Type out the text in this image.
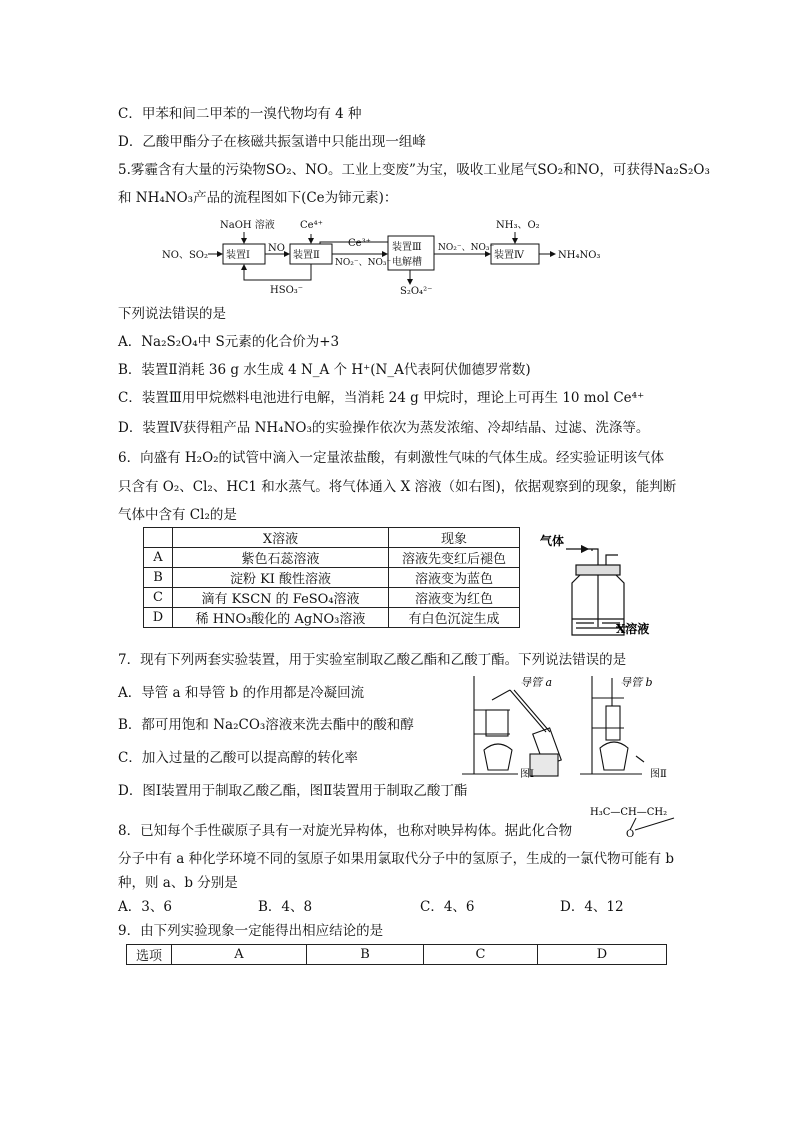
C．甲苯和间二甲苯的一溴代物均有 4 种
D．乙酸甲酯分子在核磁共振氢谱中只能出现一组峰
5.雾霾含有大量的污染物SO₂、NO。工业上变废”为宝，吸收工业尾气SO₂和NO，可获得Na₂S₂O₃
和 NH₄NO₃产品的流程图如下(Ce为铈元素)：
NO、SO₂ 装置Ⅰ	装置Ⅱ
装置Ⅲ
电解槽
装置Ⅳ
NaOH 溶液	Ce⁴⁺
NO	Ce³⁺
NO₂⁻、NO₃⁻
NO₂⁻、NO₃⁻
NH₃、O₂
NH₄NO₃
HSO₃⁻	S₂O₄²⁻
下列说法错误的是
A．Na₂S₂O₄中 S元素的化合价为+3
B．装置Ⅱ消耗 36 g 水生成 4 N_A 个 H⁺(N_A代表阿伏伽德罗常数)
C．装置Ⅲ用甲烷燃料电池进行电解，当消耗 24 g 甲烷时，理论上可再生 10 mol Ce⁴⁺
D．装置Ⅳ获得粗产品 NH₄NO₃的实验操作依次为蒸发浓缩、冷却结晶、过滤、洗涤等。
6．向盛有 H₂O₂的试管中滴入一定量浓盐酸，有刺激性气味的气体生成。经实验证明该气体
只含有 O₂、Cl₂、HC1 和水蒸气。将气体通入 X 溶液（如右图)，依据观察到的现象，能判断
气体中含有 Cl₂的是
	X溶液	现象
A	紫色石蕊溶液	溶液先变红后褪色
B	淀粉 KI 酸性溶液	溶液变为蓝色
C	滴有 KSCN 的 FeSO₄溶液	溶液变为红色
D	稀 HNO₃酸化的 AgNO₃溶液	有白色沉淀生成
气体
X溶液
7．现有下列两套实验装置，用于实验室制取乙酸乙酯和乙酸丁酯。下列说法错误的是
A．导管 a 和导管 b 的作用都是冷凝回流
B．都可用饱和 Na₂CO₃溶液来洗去酯中的酸和醇
C．加入过量的乙酸可以提高醇的转化率
D．图Ⅰ装置用于制取乙酸乙酯，图Ⅱ装置用于制取乙酸丁酯
导管 a	导管 b
图Ⅰ	图Ⅱ
8．已知每个手性碳原子具有一对旋光异构体，也称对映异构体。据此化合物
H₃C—CH—CH₂
O
分子中有 a 种化学环境不同的氢原子如果用氯取代分子中的氢原子，生成的一氯代物可能有 b
种，则 a、b 分别是
A．3、6	B．4、8	C．4、6	D．4、12
9．由下列实验现象一定能得出相应结论的是
选项	A	B	C	D
